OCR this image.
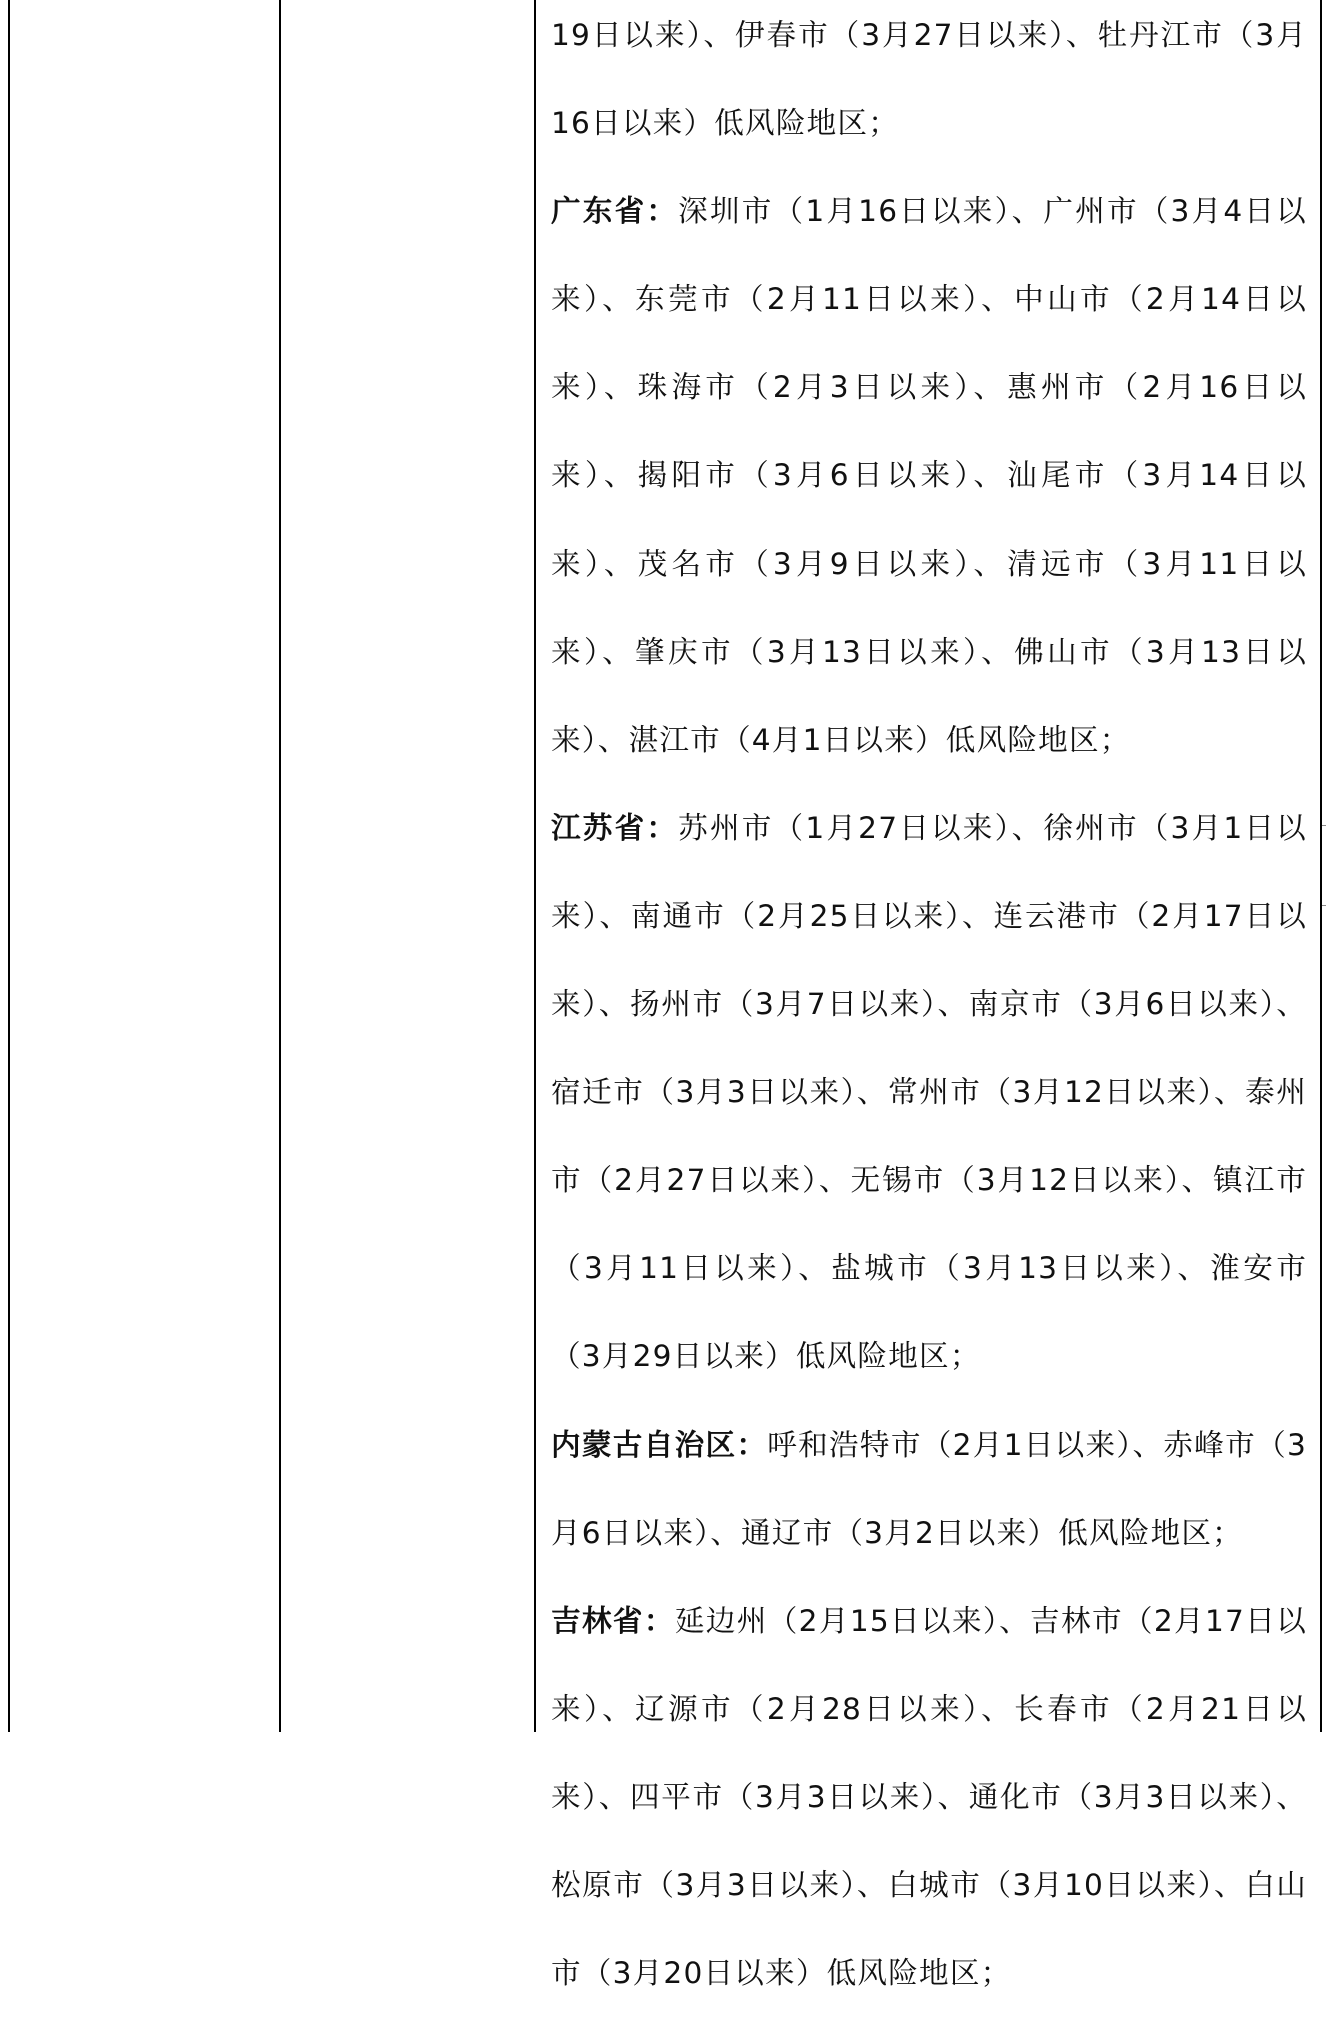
19日以来）、伊春市（3月27日以来）、牡丹江市（3月16日以来）低风险地区；

广东省：深圳市（1月16日以来）、广州市（3月4日以来）、东莞市（2月11日以来）、中山市（2月14日以来）、珠海市（2月3日以来）、惠州市（2月16日以来）、揭阳市（3月6日以来）、汕尾市（3月14日以来）、茂名市（3月9日以来）、清远市（3月11日以来）、肇庆市（3月13日以来）、佛山市（3月13日以来）、湛江市（4月1日以来）低风险地区；

江苏省：苏州市（1月27日以来）、徐州市（3月1日以来）、南通市（2月25日以来）、连云港市（2月17日以来）、扬州市（3月7日以来）、南京市（3月6日以来）、宿迁市（3月3日以来）、常州市（3月12日以来）、泰州市（2月27日以来）、无锡市（3月12日以来）、镇江市（3月11日以来）、盐城市（3月13日以来）、淮安市（3月29日以来）低风险地区；

内蒙古自治区：呼和浩特市（2月1日以来）、赤峰市（3月6日以来）、通辽市（3月2日以来）低风险地区；

吉林省：延边州（2月15日以来）、吉林市（2月17日以来）、辽源市（2月28日以来）、长春市（2月21日以来）、四平市（3月3日以来）、通化市（3月3日以来）、松原市（3月3日以来）、白城市（3月10日以来）、白山市（3月20日以来）低风险地区；
